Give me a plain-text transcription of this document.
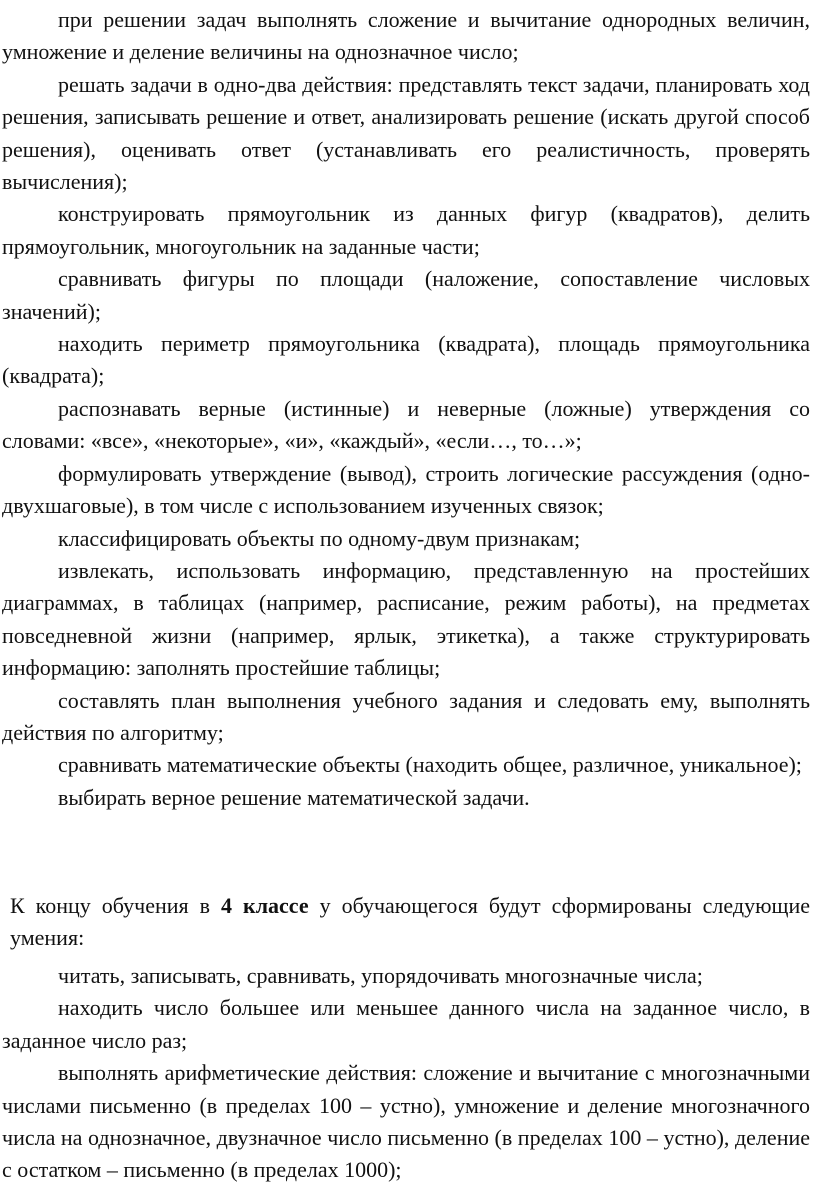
при решении задач выполнять сложение и вычитание однородных величин, умножение и деление величины на однозначное число;

решать задачи в одно-два действия: представлять текст задачи, планировать ход решения, записывать решение и ответ, анализировать решение (искать другой способ решения), оценивать ответ (устанавливать его реалистичность, проверять вычисления);

конструировать прямоугольник из данных фигур (квадратов), делить прямоугольник, многоугольник на заданные части;

сравнивать фигуры по площади (наложение, сопоставление числовых значений);

находить периметр прямоугольника (квадрата), площадь прямоугольника (квадрата);

распознавать верные (истинные) и неверные (ложные) утверждения со словами: «все», «некоторые», «и», «каждый», «если…, то…»;

формулировать утверждение (вывод), строить логические рассуждения (одно-двухшаговые), в том числе с использованием изученных связок;

классифицировать объекты по одному-двум признакам;

извлекать, использовать информацию, представленную на простейших диаграммах, в таблицах (например, расписание, режим работы), на предметах повседневной жизни (например, ярлык, этикетка), а также структурировать информацию: заполнять простейшие таблицы;

составлять план выполнения учебного задания и следовать ему, выполнять действия по алгоритму;

сравнивать математические объекты (находить общее, различное, уникальное);

выбирать верное решение математической задачи.

К концу обучения в 4 классе у обучающегося будут сформированы следующие умения:

читать, записывать, сравнивать, упорядочивать многозначные числа;

находить число большее или меньшее данного числа на заданное число, в заданное число раз;

выполнять арифметические действия: сложение и вычитание с многозначными числами письменно (в пределах 100 – устно), умножение и деление многозначного числа на однозначное, двузначное число письменно (в пределах 100 – устно), деление с остатком – письменно (в пределах 1000);
